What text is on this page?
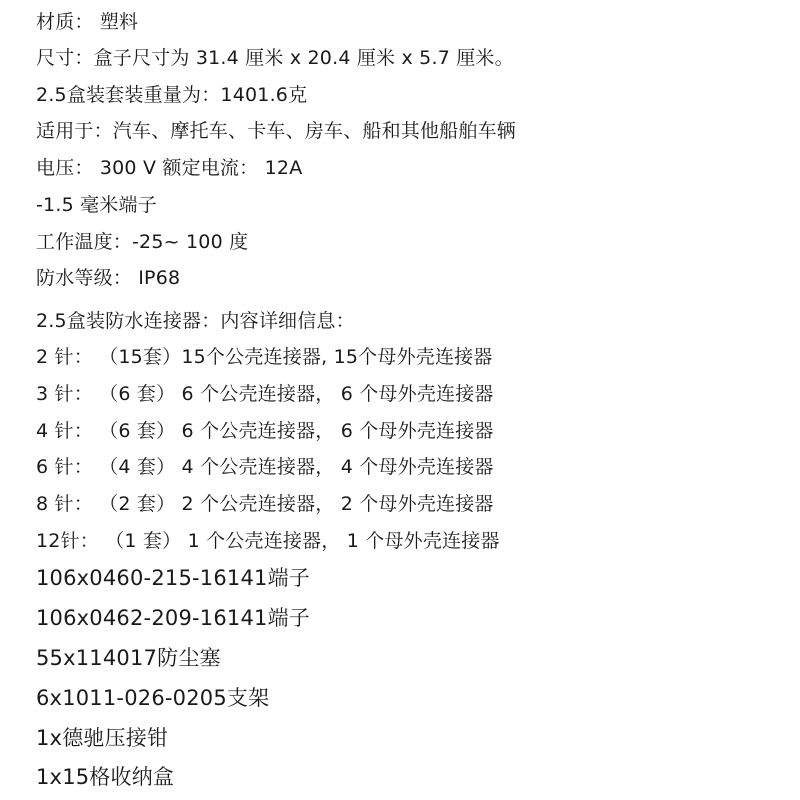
材质： 塑料
尺寸：盒子尺寸为 31.4 厘米 x 20.4 厘米 x 5.7 厘米。
2.5盒装套装重量为：1401.6克
适用于：汽车、摩托车、卡车、房车、船和其他船舶车辆
电压： 300 V 额定电流： 12A
-1.5 毫米端子
工作温度：-25~ 100 度
防水等级： IP68
2.5盒装防水连接器：内容详细信息：
2 针： （15套）15个公壳连接器, 15个母外壳连接器
3 针： （6 套） 6 个公壳连接器， 6 个母外壳连接器
4 针： （6 套） 6 个公壳连接器， 6 个母外壳连接器
6 针： （4 套） 4 个公壳连接器， 4 个母外壳连接器
8 针： （2 套） 2 个公壳连接器， 2 个母外壳连接器
12针： （1 套） 1 个公壳连接器， 1 个母外壳连接器
106x0460-215-16141端子
106x0462-209-16141端子
55x114017防尘塞
6x1011-026-0205支架
1x德驰压接钳
1x15格收纳盒
